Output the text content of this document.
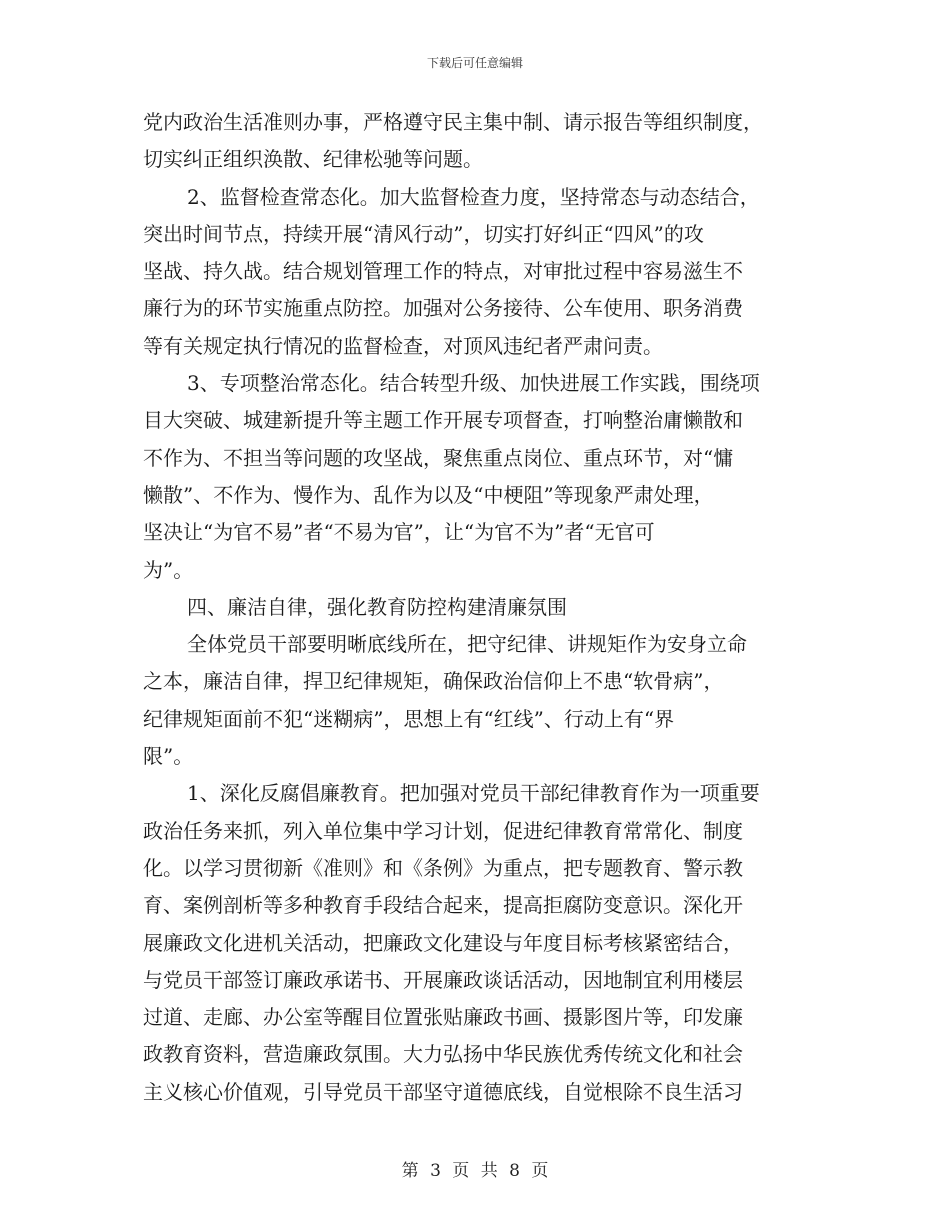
下载后可任意编辑
党内政治生活准则办事，严格遵守民主集中制、请示报告等组织制度，
切实纠正组织涣散、纪律松驰等问题。
2、监督检查常态化。加大监督检查力度，坚持常态与动态结合，
突出时间节点，持续开展“清风行动”，切实打好纠正“四风”的攻
坚战、持久战。结合规划管理工作的特点，对审批过程中容易滋生不
廉行为的环节实施重点防控。加强对公务接待、公车使用、职务消费
等有关规定执行情况的监督检查，对顶风违纪者严肃问责。
3、专项整治常态化。结合转型升级、加快进展工作实践，围绕项
目大突破、城建新提升等主题工作开展专项督查，打响整治庸懒散和
不作为、不担当等问题的攻坚战，聚焦重点岗位、重点环节，对“慵
懒散”、不作为、慢作为、乱作为以及“中梗阻”等现象严肃处理，
坚决让“为官不易”者“不易为官”，让“为官不为”者“无官可
为”。
四、廉洁自律，强化教育防控构建清廉氛围
全体党员干部要明晰底线所在，把守纪律、讲规矩作为安身立命
之本，廉洁自律，捍卫纪律规矩，确保政治信仰上不患“软骨病”，
纪律规矩面前不犯“迷糊病”，思想上有“红线”、行动上有“界
限”。
1、深化反腐倡廉教育。把加强对党员干部纪律教育作为一项重要
政治任务来抓，列入单位集中学习计划，促进纪律教育常常化、制度
化。以学习贯彻新《准则》和《条例》为重点，把专题教育、警示教
育、案例剖析等多种教育手段结合起来，提高拒腐防变意识。深化开
展廉政文化进机关活动，把廉政文化建设与年度目标考核紧密结合，
与党员干部签订廉政承诺书、开展廉政谈话活动，因地制宜利用楼层
过道、走廊、办公室等醒目位置张贴廉政书画、摄影图片等，印发廉
政教育资料，营造廉政氛围。大力弘扬中华民族优秀传统文化和社会
主义核心价值观，引导党员干部坚守道德底线，自觉根除不良生活习
第 3 页 共 8 页
